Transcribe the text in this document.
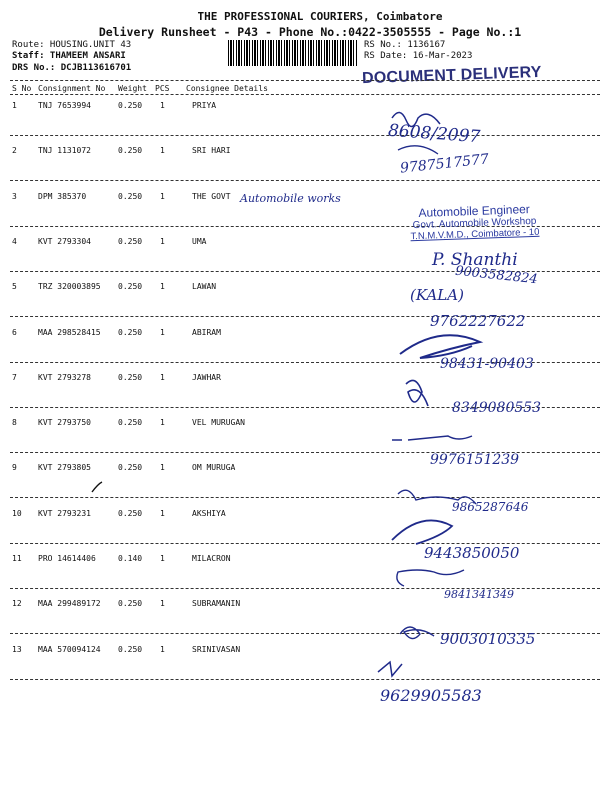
THE PROFESSIONAL COURIERS, Coimbatore
Delivery Runsheet - P43 - Phone No.:0422-3505555 - Page No.:1
Route: HOUSING.UNIT 43
Staff: THAMEEM ANSARI
DRS No.: DCJB113616701
RS No.: 1136167
RS Date: 16-Mar-2023
DOCUMENT DELIVERY
S No Consignment No Weight PCS Consignee Details
1	TNJ 7653994	0.250 1	PRIYA
2	TNJ 1131072	0.250 1	SRI HARI
3	DPM 385370	0.250 1	THE GOVT
4	KVT 2793304	0.250 1	UMA
5	TRZ 320003895 0.250 1	LAWAN
6	MAA 298528415 0.250 1	ABIRAM
7	KVT 2793278	0.250 1	JAWHAR
8	KVT 2793750	0.250 1	VEL MURUGAN
9	KVT 2793805	0.250 1	OM MURUGA
10 KVT 2793231	0.250 1	AKSHIYA
11 PRO 14614406	0.140 1	MILACRON
12 MAA 299489172 0.250 1	SUBRAMANIN
13 MAA 570094124 0.250 1	SRINIVASAN
Automobile Engineer
Govt. Automobile Workshop
T.N.M.V.M.D., Coimbatore - 10
Automobile works
8608/2097
9787517577
P. Shanthi
9003582824
(KALA)
9762227622
98431-90403
8349080553
9976151239
9865287646
9443850050
9841341349
9003010335
9629905583
